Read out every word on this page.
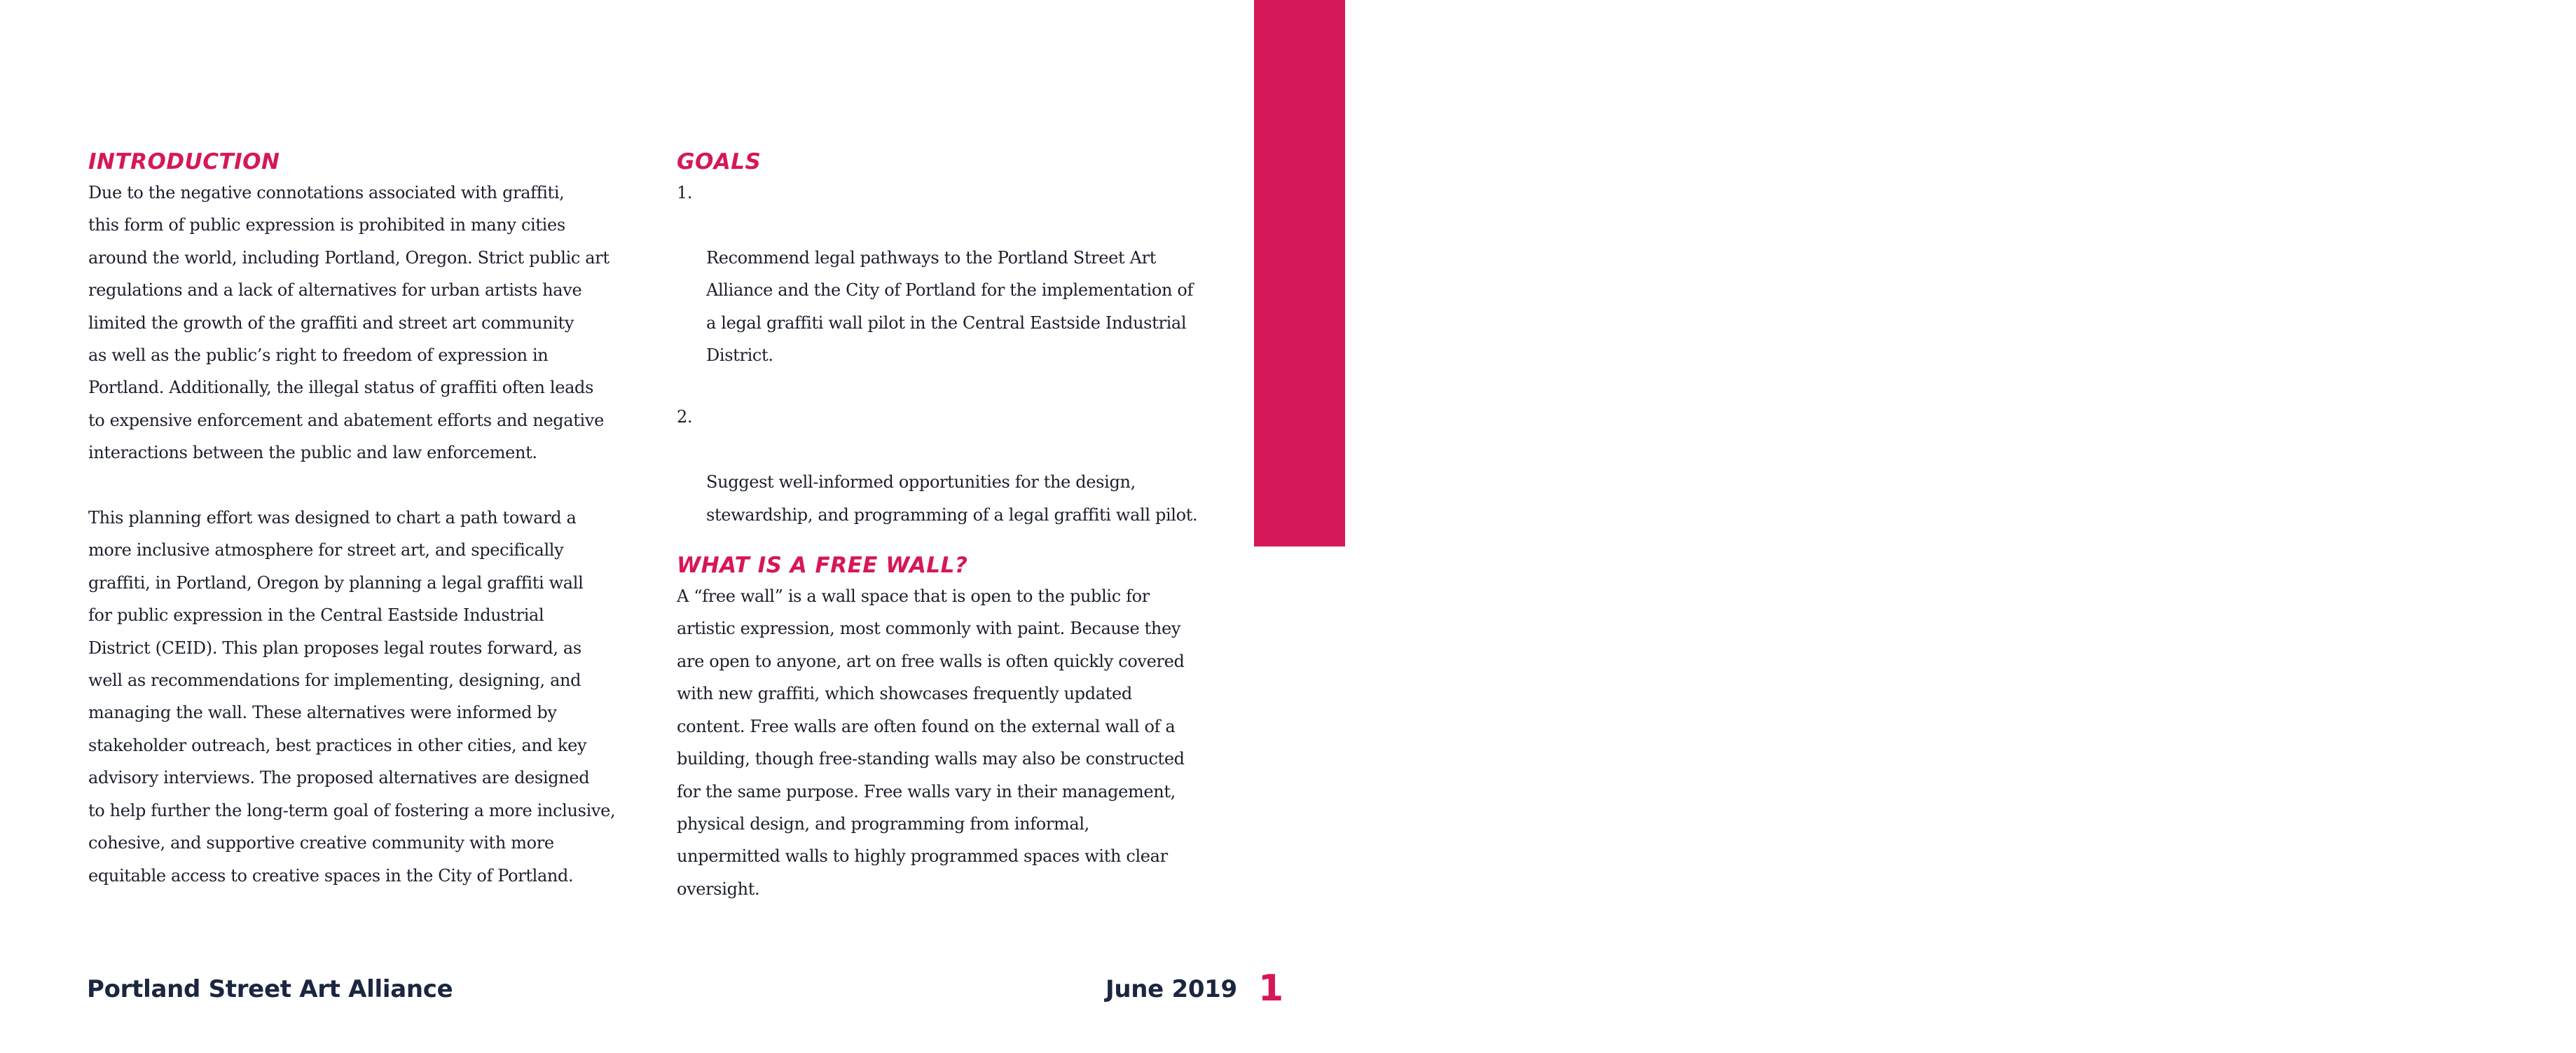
summary
INTRODUCTION

Due to the negative connotations associated with graffiti,
this form of public expression is prohibited in many cities
around the world, including Portland, Oregon. Strict public art
regulations and a lack of alternatives for urban artists have
limited the growth of the graffiti and street art community
as well as the public’s right to freedom of expression in
Portland. Additionally, the illegal status of graffiti often leads
to expensive enforcement and abatement efforts and negative
interactions between the public and law enforcement.

This planning effort was designed to chart a path toward a
more inclusive atmosphere for street art, and specifically
graffiti, in Portland, Oregon by planning a legal graffiti wall
for public expression in the Central Eastside Industrial
District (CEID). This plan proposes legal routes forward, as
well as recommendations for implementing, designing, and
managing the wall. These alternatives were informed by
stakeholder outreach, best practices in other cities, and key
advisory interviews. The proposed alternatives are designed
to help further the long-term goal of fostering a more inclusive,
cohesive, and supportive creative community with more
equitable access to creative spaces in the City of Portland.

GOALS

1.

Recommend legal pathways to the Portland Street Art
Alliance and the City of Portland for the implementation of
a legal graffiti wall pilot in the Central Eastside Industrial
District.

2.

Suggest well-informed opportunities for the design,
stewardship, and programming of a legal graffiti wall pilot.

WHAT IS A FREE WALL?

A “free wall” is a wall space that is open to the public for
artistic expression, most commonly with paint. Because they
are open to anyone, art on free walls is often quickly covered
with new graffiti, which showcases frequently updated
content. Free walls are often found on the external wall of a
building, though free-standing walls may also be constructed
for the same purpose. Free walls vary in their management,
physical design, and programming from informal,
unpermitted walls to highly programmed spaces with clear
oversight.

Portland Street Art Alliance	June 2019 1
